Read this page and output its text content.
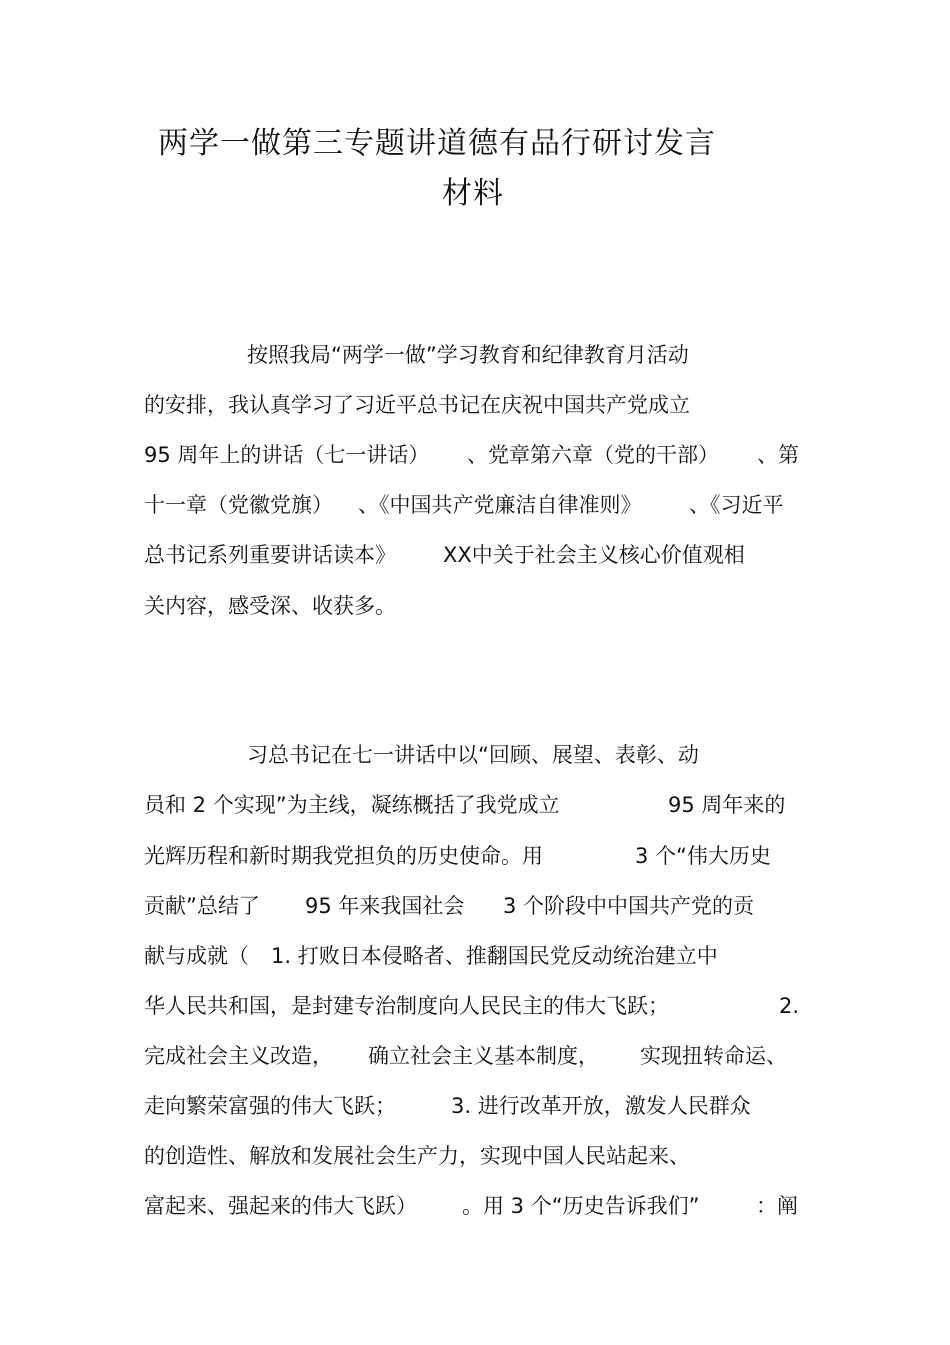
两学一做第三专题讲道德有品行研讨发言
材料
按照我局“两学一做”学习教育和纪律教育月活动
的安排，我认真学习了习近平总书记在庆祝中国共产党成立
95 周年上的讲话（七一讲话） 、党章第六章（党的干部） 、第
十一章（党徽党旗） 、《中国共产党廉洁自律准则》 、《习近平
总书记系列重要讲话读本》 XX中关于社会主义核心价值观相
关内容，感受深、收获多。
习总书记在七一讲话中以“回顾、展望、表彰、动
员和 2 个实现”为主线，凝练概括了我党成立	95 周年来的
光辉历程和新时期我党担负的历史使命。用	3 个“伟大历史
贡献”总结了 95 年来我国社会 3 个阶段中中国共产党的贡
献与成就（ 1. 打败日本侵略者、推翻国民党反动统治建立中
华人民共和国，是封建专治制度向人民民主的伟大飞跃；	2.
完成社会主义改造， 确立社会主义基本制度， 实现扭转命运、
走向繁荣富强的伟大飞跃；	3. 进行改革开放，激发人民群众
的创造性、解放和发展社会生产力，实现中国人民站起来、
富起来、强起来的伟大飞跃） 。用 3 个“历史告诉我们”	：阐
